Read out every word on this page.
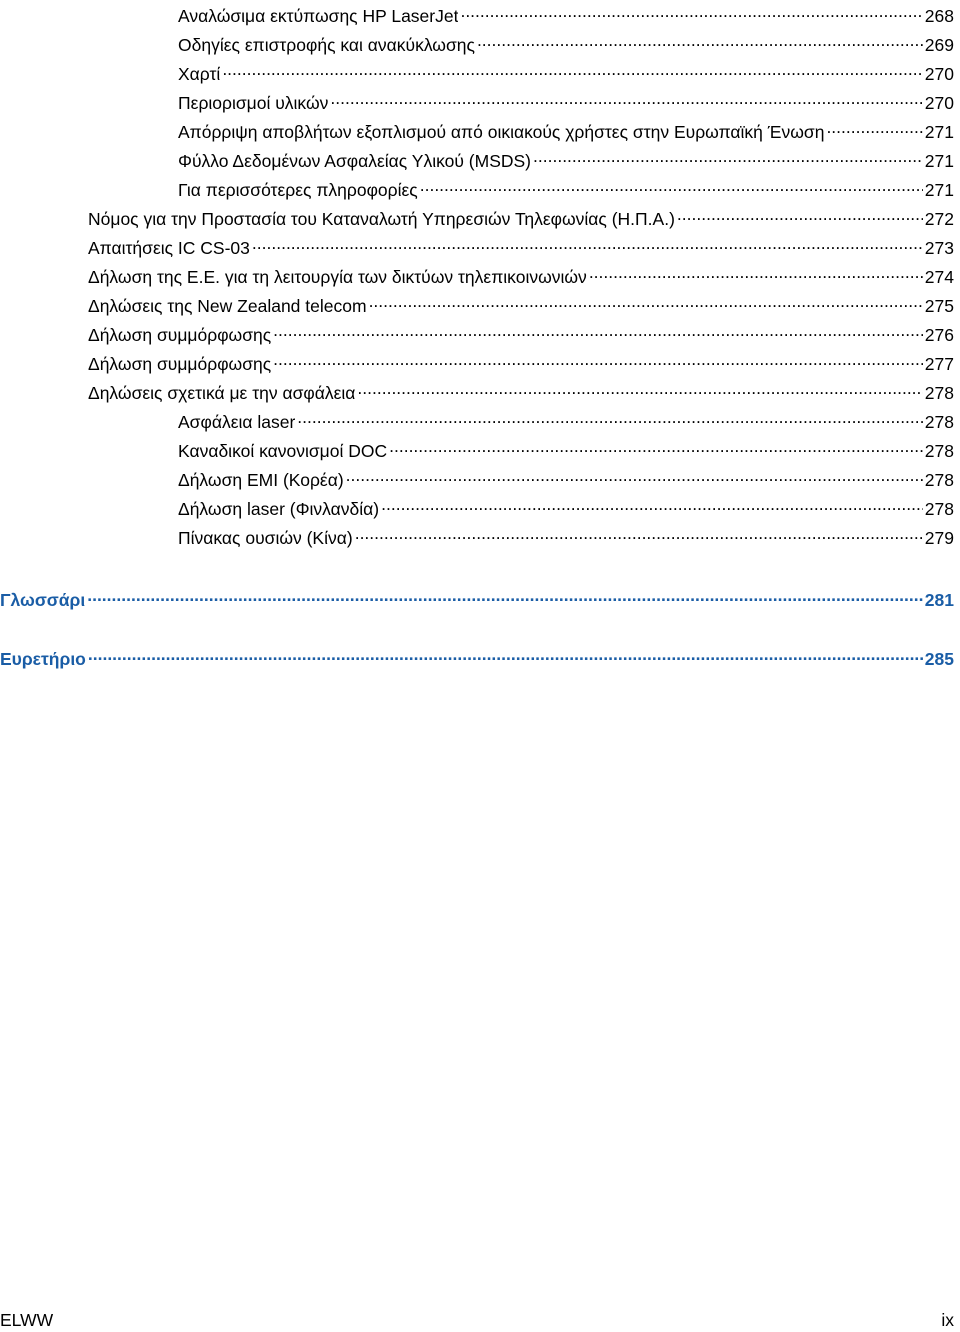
Αναλώσιμα εκτύπωσης HP LaserJet .....	268
Οδηγίες επιστροφής και ανακύκλωσης .....	269
Χαρτί .....	270
Περιορισμοί υλικών .....	270
Απόρριψη αποβλήτων εξοπλισμού από οικιακούς χρήστες στην Ευρωπαϊκή Ένωση .....	271
Φύλλο Δεδομένων Ασφαλείας Υλικού (MSDS) .....	271
Για περισσότερες πληροφορίες .....	271
Νόμος για την Προστασία του Καταναλωτή Υπηρεσιών Τηλεφωνίας (Η.Π.Α.) .....	272
Απαιτήσεις IC CS-03 .....	273
Δήλωση της Ε.Ε. για τη λειτουργία των δικτύων τηλεπικοινωνιών .....	274
Δηλώσεις της New Zealand telecom .....	275
Δήλωση συμμόρφωσης .....	276
Δήλωση συμμόρφωσης .....	277
Δηλώσεις σχετικά με την ασφάλεια .....	278
Ασφάλεια laser .....	278
Καναδικοί κανονισμοί DOC .....	278
Δήλωση EMI (Κορέα) .....	278
Δήλωση laser (Φινλανδία) .....	278
Πίνακας ουσιών (Κίνα) .....	279
Γλωσσάρι .....	281
Ευρετήριο .....	285
ELWW	ix
